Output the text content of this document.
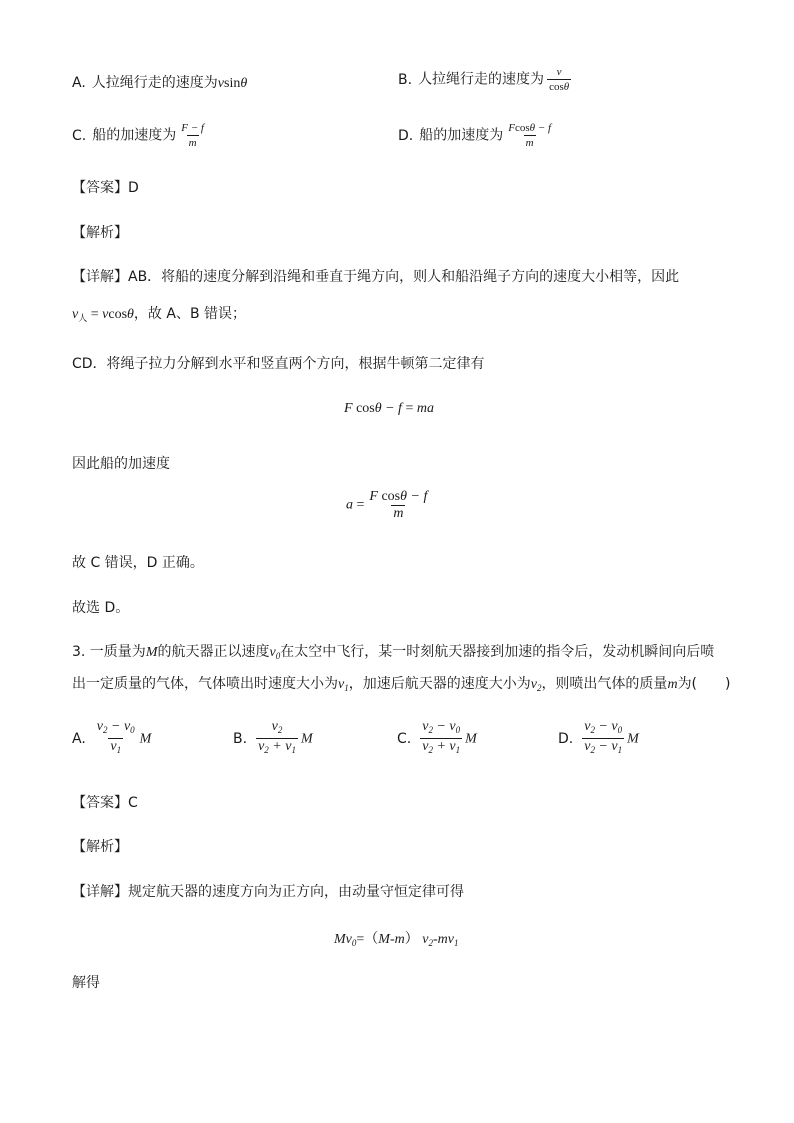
A. 人拉绳行走的速度为vsinθ	B. 人拉绳行走的速度为 $\frac{v}{\cos\theta}$
C. 船的加速度为 $\frac{F - f}{m}$	D. 船的加速度为 $\frac{Fcos\theta - f}{m}$
【答案】D
【解析】
【详解】AB．将船的速度分解到沿绳和垂直于绳方向，则人和船沿绳子方向的速度大小相等，因此
$v_人 = vcos\theta$，故 A、B 错误；
CD．将绳子拉力分解到水平和竖直两个方向，根据牛顿第二定律有
F cosθ − f = ma
因此船的加速度
$a = \frac{\text{F cosθ − f}}{m}$
故 C 错误，D 正确。
故选 D。
3. 一质量为M的航天器正以速度$v_0$在太空中飞行，某一时刻航天器接到加速的指令后，发动机瞬间向后喷
出一定质量的气体，气体喷出时速度大小为$v_1$，加速后航天器的速度大小为$v_2$，则喷出气体的质量m为(　　)
A. $\frac{v_2 - v_0}{v_1}$ M	B. $\frac{v_2}{v_2 + v_1}$ M	C. $\frac{v_2 - v_0}{v_2 + v_1}$ M	D. $\frac{v_2 - v_0}{v_2 - v_1}$ M
【答案】C
【解析】
【详解】规定航天器的速度方向为正方向，由动量守恒定律可得
$Mv_0=(M-m)$ $v_2-mv_1$
解得
